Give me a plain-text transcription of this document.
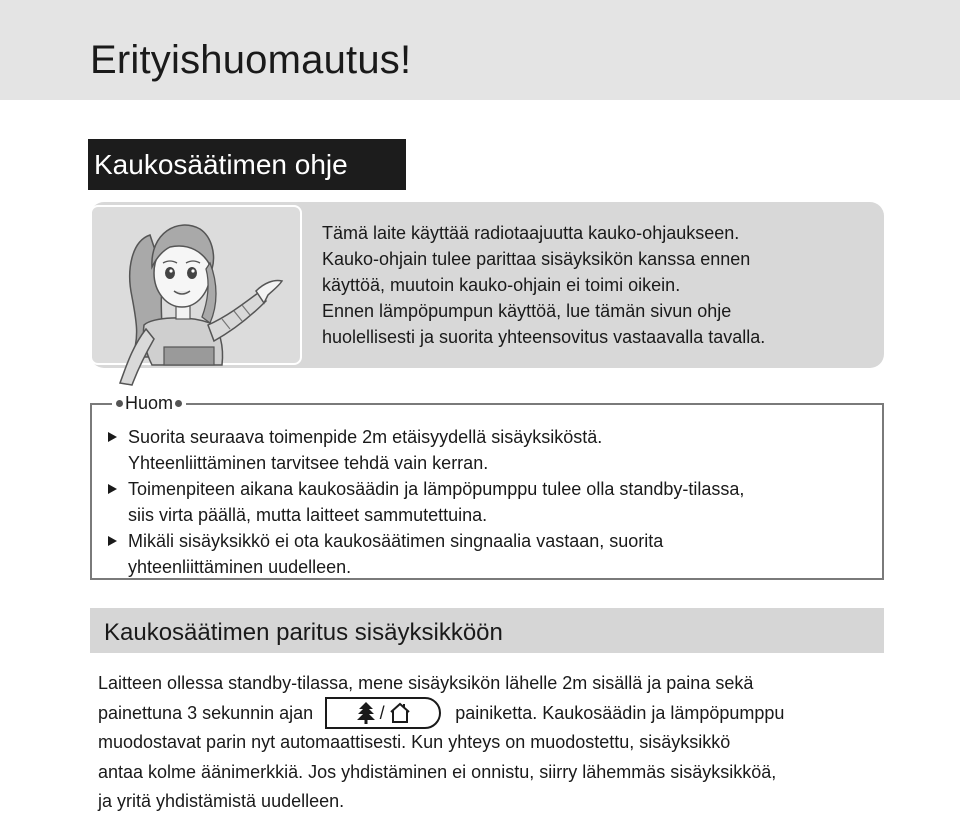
Erityishuomautus!
Kaukosäätimen ohje
Tämä laite käyttää radiotaajuutta kauko-ohjaukseen.
Kauko-ohjain tulee parittaa sisäyksikön kanssa ennen
käyttöä, muutoin kauko-ohjain ei toimi oikein.
Ennen lämpöpumpun käyttöä, lue tämän sivun ohje
huolellisesti ja suorita yhteensovitus vastaavalla tavalla.
Huom
Suorita seuraava toimenpide 2m etäisyydellä sisäyksiköstä.
Yhteenliittäminen tarvitsee tehdä vain kerran.
Toimenpiteen aikana kaukosäädin ja lämpöpumppu tulee olla standby-tilassa,
siis virta päällä, mutta laitteet sammutettuina.
Mikäli sisäyksikkö ei ota kaukosäätimen singnaalia vastaan, suorita
yhteenliittäminen uudelleen.
Kaukosäätimen paritus sisäyksikköön
Laitteen ollessa standby-tilassa, mene sisäyksikön lähelle 2m sisällä ja paina sekä
painettuna 3 sekunnin ajan	/	painiketta. Kaukosäädin ja lämpöpumppu
muodostavat parin nyt automaattisesti. Kun yhteys on muodostettu, sisäyksikkö
antaa kolme äänimerkkiä. Jos yhdistäminen ei onnistu, siirry lähemmäs sisäyksikköä,
ja yritä yhdistämistä uudelleen.
